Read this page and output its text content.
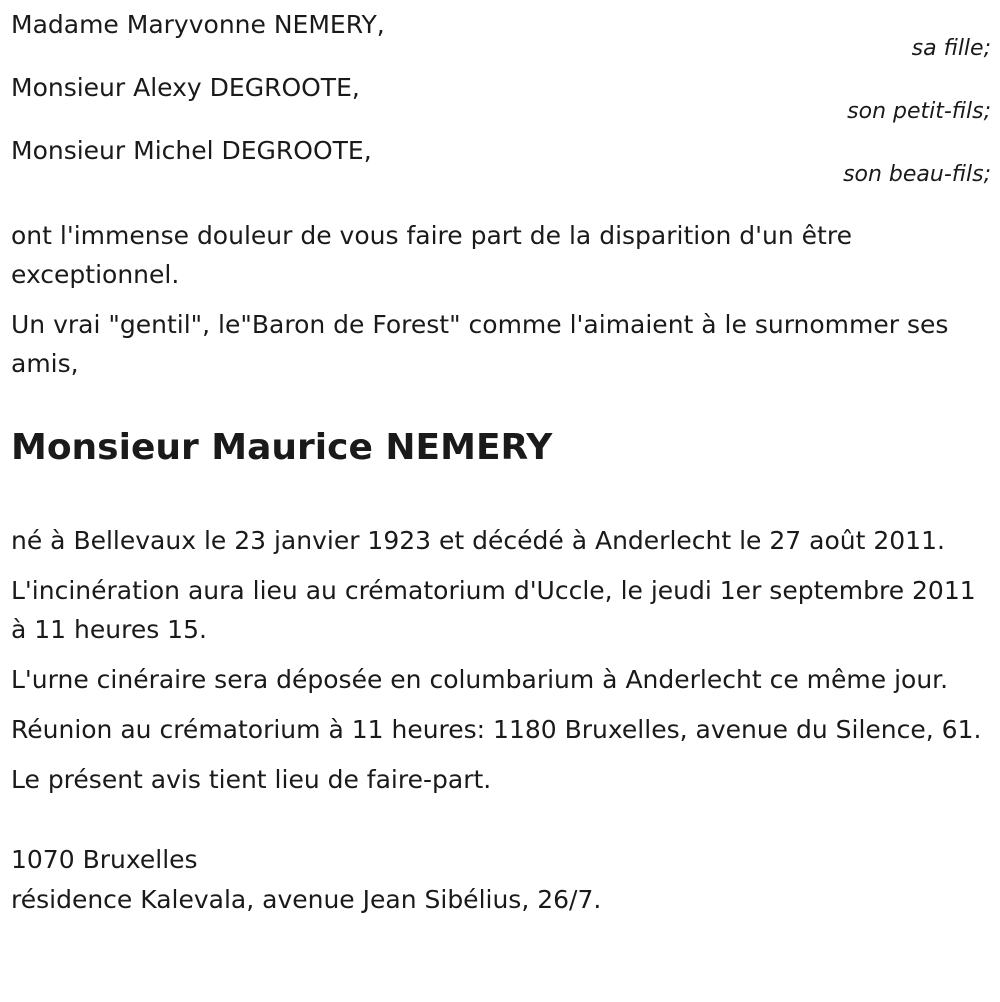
Madame Maryvonne NEMERY,
sa fille;
Monsieur Alexy DEGROOTE,
son petit-fils;
Monsieur Michel DEGROOTE,
son beau-fils;

ont l'immense douleur de vous faire part de la disparition d'un être exceptionnel.

Un vrai "gentil", le"Baron de Forest" comme l'aimaient à le surnommer ses amis,

Monsieur Maurice NEMERY

né à Bellevaux le 23 janvier 1923 et décédé à Anderlecht le 27 août 2011.

L'incinération aura lieu au crématorium d'Uccle, le jeudi 1er septembre 2011 à 11 heures 15.

L'urne cinéraire sera déposée en columbarium à Anderlecht ce même jour.

Réunion au crématorium à 11 heures: 1180 Bruxelles, avenue du Silence, 61.

Le présent avis tient lieu de faire-part.

1070 Bruxelles
résidence Kalevala, avenue Jean Sibélius, 26/7.
